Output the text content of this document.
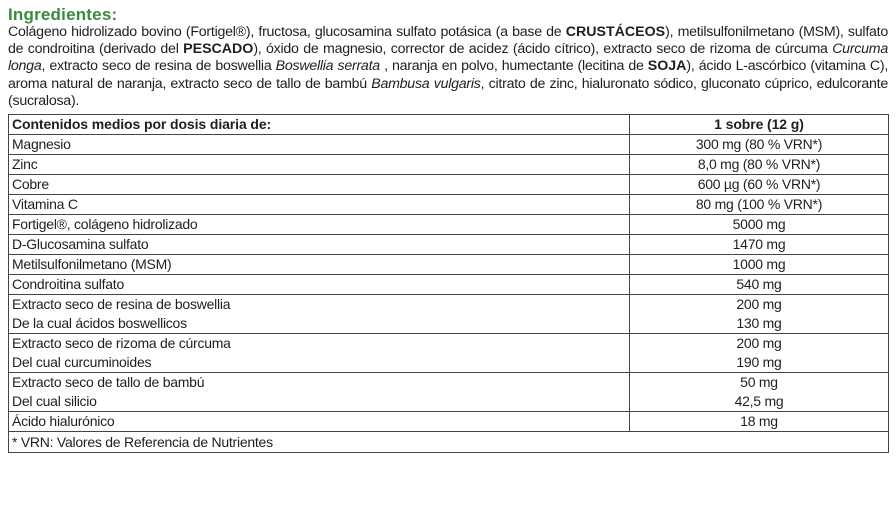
Ingredientes:
Colágeno hidrolizado bovino (Fortigel®), fructosa, glucosamina sulfato potásica (a base de CRUSTÁCEOS), metilsulfonilmetano (MSM), sulfato de condroitina (derivado del PESCADO), óxido de magnesio, corrector de acidez (ácido cítrico), extracto seco de rizoma de cúrcuma Curcuma longa, extracto seco de resina de boswellia Boswellia serrata , naranja en polvo, humectante (lecitina de SOJA), ácido L-ascórbico (vitamina C), aroma natural de naranja, extracto seco de tallo de bambú Bambusa vulgaris, citrato de zinc, hialuronato sódico, gluconato cúprico, edulcorante (sucralosa).
Contenidos medios por dosis diaria de:	1 sobre (12 g)
Magnesio	300 mg (80 % VRN*)
Zinc	8,0 mg (80 % VRN*)
Cobre	600 µg (60 % VRN*)
Vitamina C	80 mg (100 % VRN*)
Fortigel®, colágeno hidrolizado	5000 mg
D-Glucosamina sulfato	1470 mg
Metilsulfonilmetano (MSM)	1000 mg
Condroitina sulfato	540 mg
Extracto seco de resina de boswellia	200 mg
De la cual ácidos boswellicos	130 mg
Extracto seco de rizoma de cúrcuma	200 mg
Del cual curcuminoides	190 mg
Extracto seco de tallo de bambú	50 mg
Del cual silicio	42,5 mg
Ácido hialurónico	18 mg
* VRN: Valores de Referencia de Nutrientes	
